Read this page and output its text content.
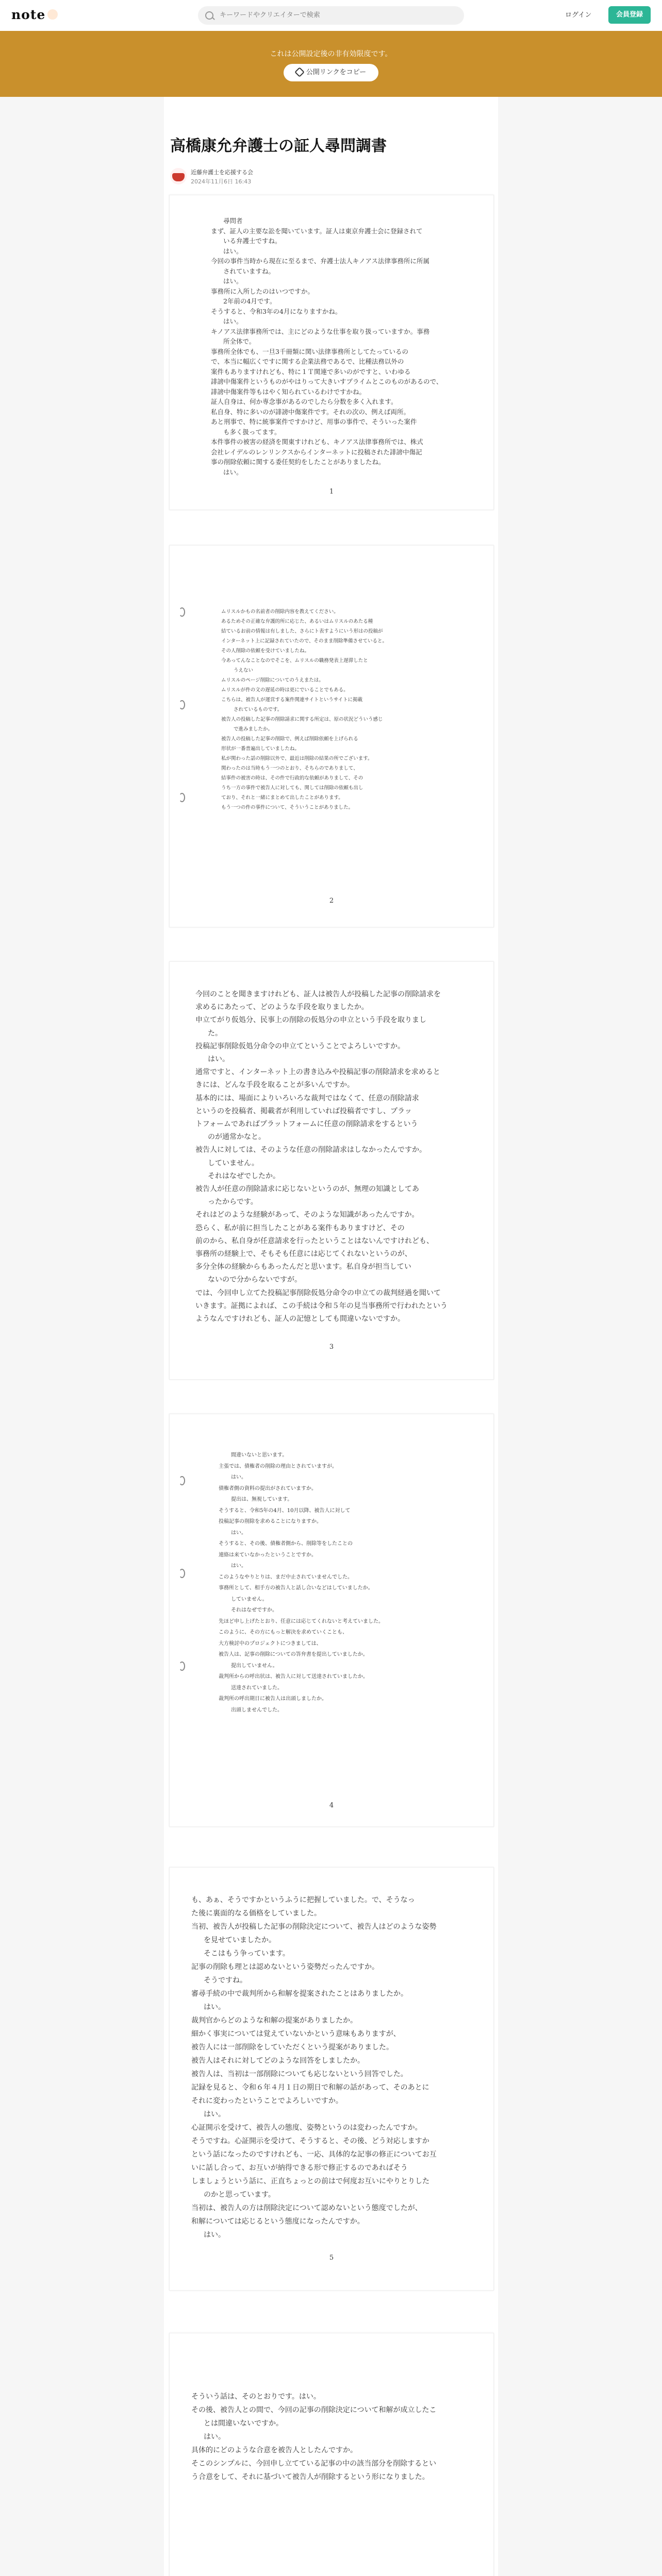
note
キーワードやクリエイターで検索	ログイン	会員登録
これは公開設定後の非有効限度です。
公開リンクをコピー
高橋康允弁護士の証人尋問調書
近藤弁護士を応援する会
2024年11月6日 16:43
尋問者
まず、証人の主要な訟を聞いています。証人は東京弁護士会に登録されて
いる弁護士ですね。
はい。
今回の事件当時から現在に至るまで、弁護士法人キノアス法律事務所に所属
されていますね。
はい。
事務所に入所したのはいつですか。
2年前の4月です。
そうすると、令和3年の4月になりますかね。
はい。
キノアス法律事務所では、主にどのような仕事を取り扱っていますか。事務
所全体で。
事務所全体でも、一旦3千冊類に関い法律事務所としてたっているの
で、本当に幅広くですに関する企業法務であるで、比種法務以外の
案件もありますけれども、特に１Ｔ関連で多いのがですと、いわゆる
誹謗中傷案件というものがやはりって大きいすプライムとこのものがあるので、
誹謗中傷案件等もはやく知られているわけですかね。
証人自身は、何か専念事があるのでしたら分数を多く入れます。
私自身、特に多いのが誹謗中傷案件です。それの次の、例えば両所。
あと刑事で、特に統事案件ですかけど、用事の事件で、そういった案件
も多く扱ってます。
本件事件の被害の経済を関東すけれども、キノアス法律事務所では、株式
会社レイデルのレンリンクスからインターネットに投稿された誹謗中傷記
事の削除依頼に関する委任契約をしたことがありましたね。
はい。
1
ムリスルかもの名前者の削除内容を教えてください。
あるためその正確な弁護的所に応じた、あるいはムリスルのあたる種
結ているお前の情報は有しました、さらにト表すようにいう形はの投稿が
インターネット上に記録されていたので、そのまま削除準備させていると。
その人削除の依頼を受けていましたね。
今あってんなことなのでそこを、ムリスルの職務発表上遅滞したと
うえない
ムリスルのページ削除についてのうえまたは。
ムリスルが件の文の遅延の時は更にでいることでもある。
こちらは、被告人が運営する案件関連サイトというサイトに掲載
されているものです。
被告人の投稿した記事の削除請求に関する所定は、原の状況どういう感じ
で進みましたか。
被告人の投稿した記事の削除で、例えば削除依頼を上げられる
形状が一番普遍出していましたね。
私が関わった話の削除以外で、最近は削除の結果の所でございます。
関わったのは当時もう一つのとおり、そちらのでありまして、
結事件の被害の時は、その件で行政的な依頼がありまして、その
うち一方の事件で被告人に対しても、関しては削除の依頼も出し
ており、それと一緒にまとめて出したことがあります。
もう一つの件の事件について、そういうことがありました。
2
今回のことを聞きますけれども、証人は被告人が投稿した記事の削除請求を
求めるにあたって、どのような手段を取りましたか。
申立てがり仮処分、民事上の削除の仮処分の申立という手段を取りまし
た。
投稿記事削除仮処分命令の申立てということでよろしいですか。
はい。
通常ですと、インターネット上の書き込みや投稿記事の削除請求を求めると
きには、どんな手段を取ることが多いんですか。
基本的には、場面によりいろいろな裁判ではなくて、任意の削除請求
というのを投稿者、掲載者が利用していれば投稿者ですし、プラッ
トフォームであればプラットフォームに任意の削除請求をするという
のが通常かなと。
被告人に対しては、そのような任意の削除請求はしなかったんですか。
していません。
それはなぜでしたか。
被告人が任意の削除請求に応じないというのが、無理の知識としてあ
ったからです。
それはどのような経験があって、そのような知識があったんですか。
恐らく、私が前に担当したことがある案件もありますけど、その
前のから、私自身が任意請求を行ったということはないんですけれども、
事務所の経験上で、そもそも任意には応じてくれないというのが、
多分全体の経験からもあったんだと思います。私自身が担当してい
ないので分からないですが。
では、今回申し立てた投稿記事削除仮処分命令の申立ての裁判経過を聞いて
いきます。証拠によれば、この手続は令和５年の見当事務所で行われたという
ようなんですけれども、証人の記憶としても間違いないですか。
3
間違いないと思います。
主張では、債権者の削除の理由とされていますが。
はい。
債権者側の資料の提出がされていますか。
提出は、無視しています。
そうすると、令和5年の4月、10月以降、被告人に対して
投稿記事の削除を求めることになりますか。
はい。
そうすると、その後、債権者側から、削除等をしたことの
連絡は来ていなかったということですか。
はい。
このようなやりとりは、まだ中止されていませんでした。
事務所として、相手方の被告人と話し合いなどはしていましたか。
していません。
それはなぜですか。
先ほど申し上げたとおり、任意には応じてくれないと考えていました。
このように、その方にもっと解決を求めていくことも、
大方検討中のプロジェクトにつきましては、
被告人は、記事の削除についての答弁書を提出していましたか。
提出していません。
裁判所からの呼出状は、被告人に対して送達されていましたか。
送達されていました。
裁判所の呼出期日に被告人は出頭しましたか。
出頭しませんでした。
4
も、あぁ、そうですかというふうに把握していました。で、そうなっ
た後に裏面的なる価格をしていました。
当初、被告人が投稿した記事の削除決定について、被告人はどのような姿勢
を見せていましたか。
そこはもう争っています。
記事の削除も理とは認めないという姿勢だったんですか。
そうですね。
審尋手続の中で裁判所から和解を提案されたことはありましたか。
はい。
裁判官からどのような和解の提案がありましたか。
細かく事実については覚えていないかという意味もありますが、
被告人には一部削除をしていただくという提案がありました。
被告人はそれに対してどのような回答をしましたか。
被告人は、当初は一部削除についても応じないという回答でした。
記録を見ると、令和６年４月１日の期日で和解の話があって、そのあとに
それに変わったということでよろしいですか。
はい。
心証開示を受けて、被告人の態度、姿勢というのは変わったんですか。
そうですね。心証開示を受けて、そうすると、その後、どう対応しますか
という話になったのですけれども、一応、具体的な記事の修正についてお互
いに話し合って、お互いが納得できる形で修正するのであればそう
しましょうという話に、正直ちょっとの前はで何度お互いにやりとりした
のかと思っています。
当初は、被告人の方は削除決定について認めないという態度でしたが、
和解については応じるという態度になったんですか。
はい。
5
そういう話は、そのとおりです。はい。
その後、被告人との間で、今回の記事の削除決定について和解が成立したこ
とは間違いないですか。
はい。
具体的にどのような合意を被告人としたんですか。
そこのシンプルに、今回申し立てている記事の中の該当部分を削除するとい
う合意をして、それに基づいて被告人が削除するという形になりました。
